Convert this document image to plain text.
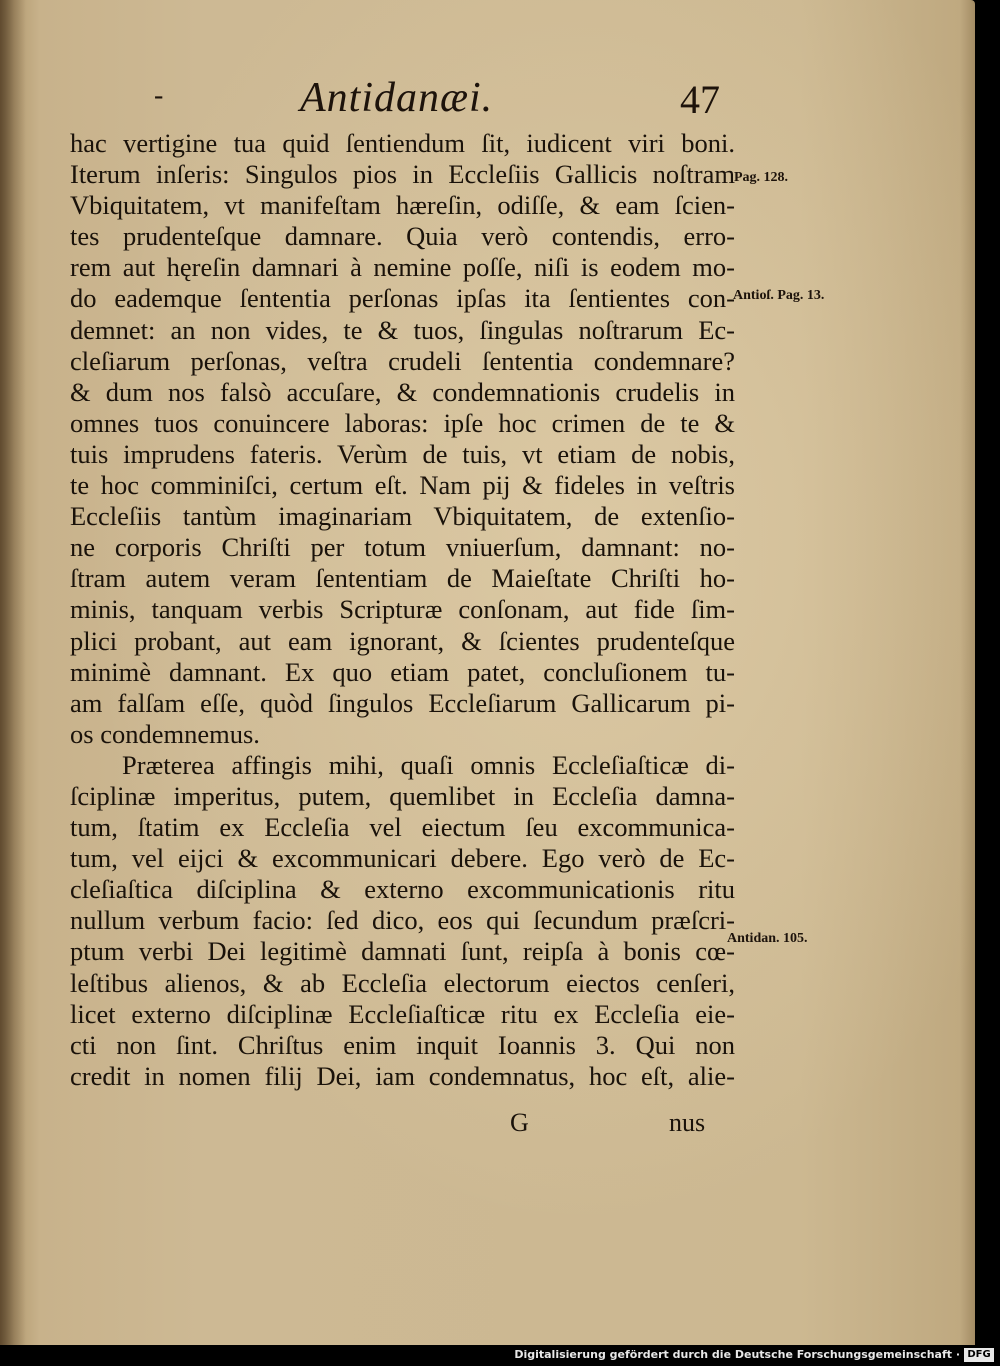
-	Antidanæi.	47
hac vertigine tua quid ſentiendum ſit, iudicent viri boni.
Iterum inſeris: Singulos pios in Eccleſiis Gallicis noſtram
Vbiquitatem, vt manifeſtam hæreſin, odiſſe, & eam ſcien-
tes prudenteſque damnare. Quia verò contendis, erro-
rem aut hęreſin damnari à nemine poſſe, niſi is eodem mo-
do eademque ſententia perſonas ipſas ita ſentientes con-
demnet: an non vides, te & tuos, ſingulas noſtrarum Ec-
cleſiarum perſonas, veſtra crudeli ſententia condemnare?
& dum nos falsò accuſare, & condemnationis crudelis in
omnes tuos conuincere laboras: ipſe hoc crimen de te &
tuis imprudens fateris. Verùm de tuis, vt etiam de nobis,
te hoc comminiſci, certum eſt. Nam pij & fideles in veſtris
Eccleſiis tantùm imaginariam Vbiquitatem, de extenſio-
ne corporis Chriſti per totum vniuerſum, damnant: no-
ſtram autem veram ſententiam de Maieſtate Chriſti ho-
minis, tanquam verbis Scripturæ conſonam, aut fide ſim-
plici probant, aut eam ignorant, & ſcientes prudenteſque
minimè damnant. Ex quo etiam patet, concluſionem tu-
am falſam eſſe, quòd ſingulos Eccleſiarum Gallicarum pi-
os condemnemus.
Præterea affingis mihi, quaſi omnis Eccleſiaſticæ di-
ſciplinæ imperitus, putem, quemlibet in Eccleſia damna-
tum, ſtatim ex Eccleſia vel eiectum ſeu excommunica-
tum, vel eijci & excommunicari debere. Ego verò de Ec-
cleſiaſtica diſciplina & externo excommunicationis ritu
nullum verbum facio: ſed dico, eos qui ſecundum præſcri-
ptum verbi Dei legitimè damnati ſunt, reipſa à bonis cœ-
leſtibus alienos, & ab Eccleſia electorum eiectos cenſeri,
licet externo diſciplinæ Eccleſiaſticæ ritu ex Eccleſia eie-
cti non ſint. Chriſtus enim inquit Ioannis 3. Qui non
credit in nomen filij Dei, iam condemnatus, hoc eſt, alie-
Pag. 128.
Antioſ. Pag. 13.
Antidan. 105.
G	nus
Digitalisierung gefördert durch die Deutsche Forschungsgemeinschaft · DFG
